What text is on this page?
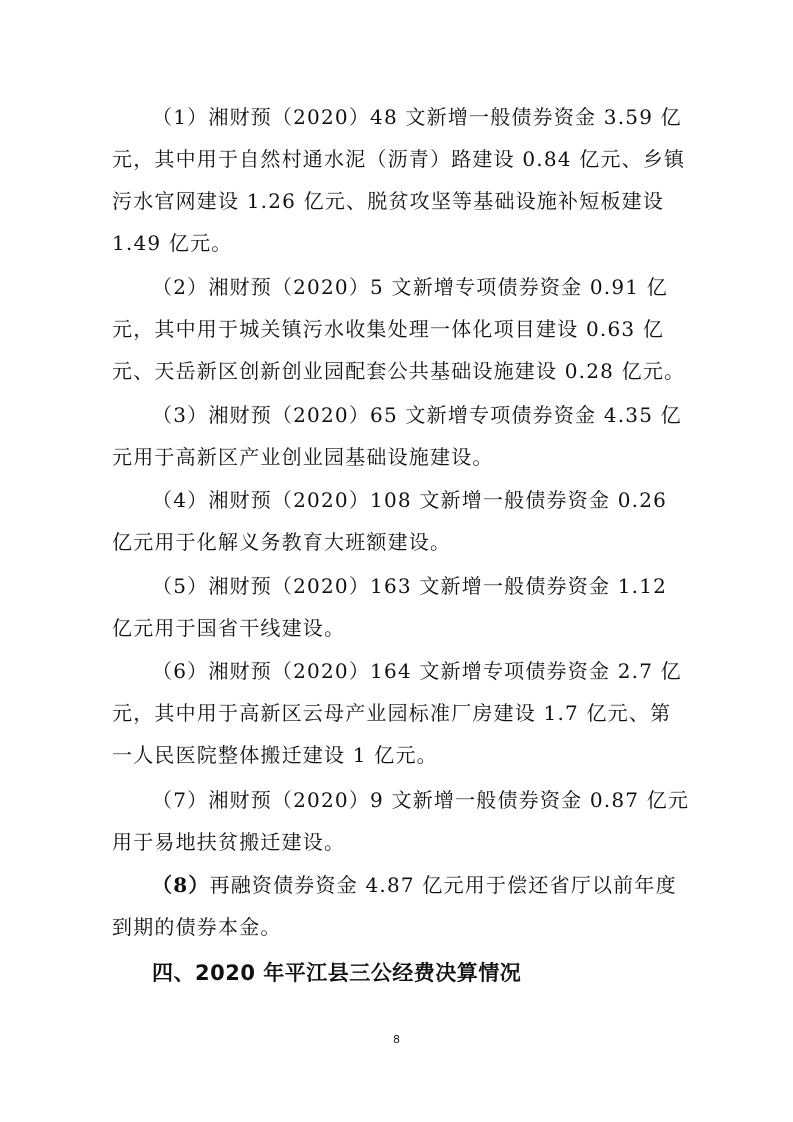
（1）湘财预（2020）48 文新增一般债券资金 3.59 亿元，其中用于自然村通水泥（沥青）路建设 0.84 亿元、乡镇污水官网建设 1.26 亿元、脱贫攻坚等基础设施补短板建设 1.49 亿元。

（2）湘财预（2020）5 文新增专项债券资金 0.91 亿元，其中用于城关镇污水收集处理一体化项目建设 0.63 亿元、天岳新区创新创业园配套公共基础设施建设 0.28 亿元。

（3）湘财预（2020）65 文新增专项债券资金 4.35 亿元用于高新区产业创业园基础设施建设。

（4）湘财预（2020）108 文新增一般债券资金 0.26 亿元用于化解义务教育大班额建设。

（5）湘财预（2020）163 文新增一般债券资金 1.12 亿元用于国省干线建设。

（6）湘财预（2020）164 文新增专项债券资金 2.7 亿元，其中用于高新区云母产业园标准厂房建设 1.7 亿元、第一人民医院整体搬迁建设 1 亿元。

（7）湘财预（2020）9 文新增一般债券资金 0.87 亿元用于易地扶贫搬迁建设。

（8）再融资债券资金 4.87 亿元用于偿还省厅以前年度到期的债券本金。

四、2020 年平江县三公经费决算情况
8
